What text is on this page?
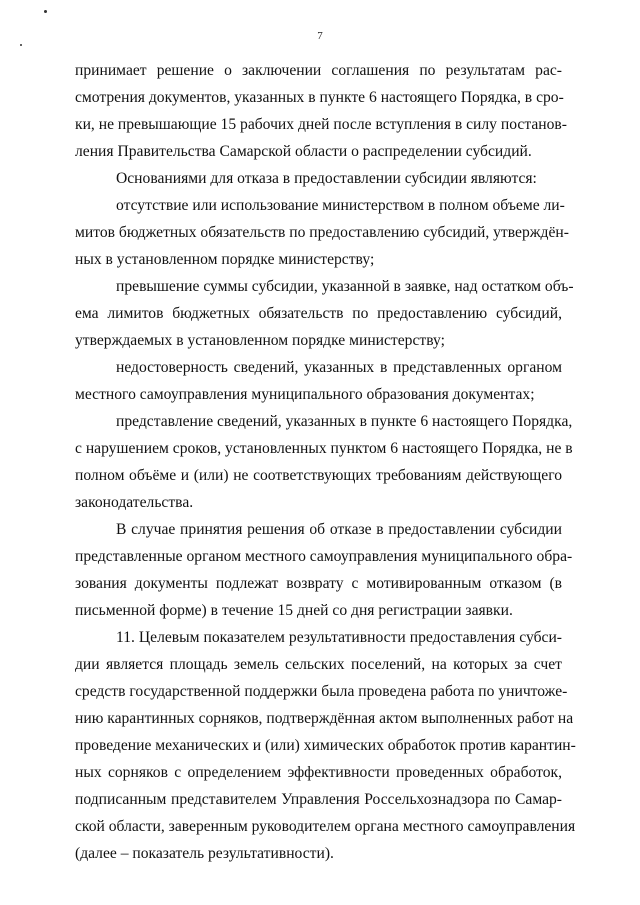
7
принимает решение о заключении соглашения по результатам рас-
смотрения документов, указанных в пункте 6 настоящего Порядка, в сро-
ки, не превышающие 15 рабочих дней после вступления в силу постанов-
ления Правительства Самарской области о распределении субсидий.
Основаниями для отказа в предоставлении субсидии являются:
отсутствие или использование министерством в полном объеме ли-
митов бюджетных обязательств по предоставлению субсидий, утверждён-
ных в установленном порядке министерству;
превышение суммы субсидии, указанной в заявке, над остатком объ-
ема лимитов бюджетных обязательств по предоставлению субсидий,
утверждаемых в установленном порядке министерству;
недостоверность сведений, указанных в представленных органом
местного самоуправления муниципального образования документах;
представление сведений, указанных в пункте 6 настоящего Порядка,
с нарушением сроков, установленных пунктом 6 настоящего Порядка, не в
полном объёме и (или) не соответствующих требованиям действующего
законодательства.
В случае принятия решения об отказе в предоставлении субсидии
представленные органом местного самоуправления муниципального обра-
зования документы подлежат возврату с мотивированным отказом (в
письменной форме) в течение 15 дней со дня регистрации заявки.
11. Целевым показателем результативности предоставления субси-
дии является площадь земель сельских поселений, на которых за счет
средств государственной поддержки была проведена работа по уничтоже-
нию карантинных сорняков, подтверждённая актом выполненных работ на
проведение механических и (или) химических обработок против карантин-
ных сорняков с определением эффективности проведенных обработок,
подписанным представителем Управления Россельхознадзора по Самар-
ской области, заверенным руководителем органа местного самоуправления
(далее – показатель результативности).
